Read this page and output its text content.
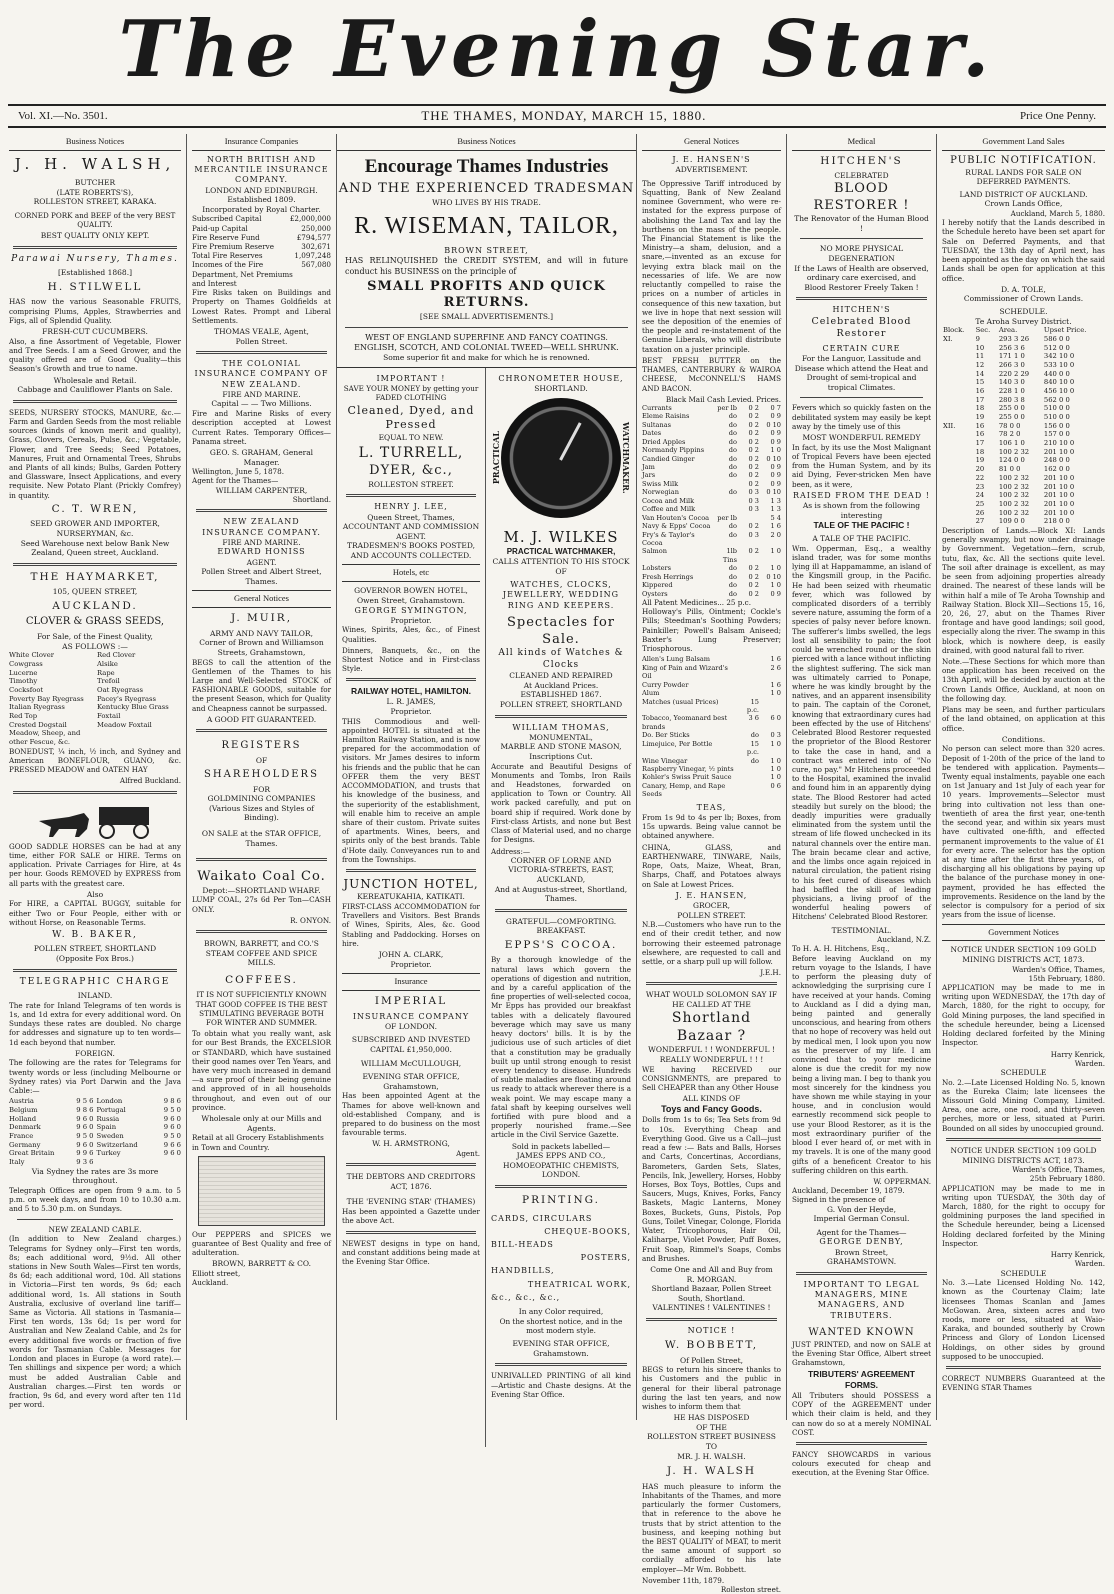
The Evening Star.
Vol. XI.—No. 3501.	THE THAMES, MONDAY, MARCH 15, 1880.	Price One Penny.
Business Notices
J. H. WALSH,
BUTCHER
(LATE ROBERTS'S),
ROLLESTON STREET, KARAKA.

CORNED PORK and BEEF of the very BEST QUALITY.

BEST QUALITY ONLY KEPT.
Parawai Nursery, Thames.
[Established 1868.]
H. STILWELL

HAS now the various Seasonable FRUITS, comprising Plums, Apples, Strawberries and Figs, all of Splendid Quality.

FRESH-CUT CUCUMBERS.

Also, a fine Assortment of Vegetable, Flower and Tree Seeds. I am a Seed Grower, and the quality offered are of Good Quality—this Season's Growth and true to name.

Wholesale and Retail.
Cabbage and Cauliflower Plants on Sale.

SEEDS, NURSERY STOCKS, MANURE, &c.—Farm and Garden Seeds from the most reliable sources (kinds of known merit and quality), Grass, Clovers, Cereals, Pulse, &c.; Vegetable, Flower, and Tree Seeds; Seed Potatoes, Manures, Fruit and Ornamental Trees, Shrubs and Plants of all kinds; Bulbs, Garden Pottery and Glassware, Insect Applications, and every requisite. New Potato Plant (Prickly Comfrey) in quantity.

C. T. WREN,
SEED GROWER AND IMPORTER, NURSERYMAN, &c.
Seed Warehouse next below Bank New Zealand, Queen street, Auckland.
THE HAYMARKET,
105, QUEEN STREET,
AUCKLAND.
CLOVER & GRASS SEEDS,
For Sale, of the Finest Quality,
AS FOLLOWS :—
White Clover	Red Clover
Cowgrass	Alsike
Lucerne	Rape
Timothy	Trefoil
Cocksfoot	Oat Ryegrass
Poverty Bay Ryegrass	Pacey's Ryegrass
Italian Ryegrass	Kentucky Blue Grass
Red Top	Foxtail
Crested Dogstail	Meadow Foxtail
Meadow, Sheep, and other Fescue, &c.

BONEDUST, ¼ inch, ½ inch, and Sydney and American BONEFLOUR, GUANO, &c. PRESSED MEADOW and OATEN HAY

Alfred Buckland.

GOOD SADDLE HORSES can be had at any time, either FOR SALE or HIRE. Terms on application. Private Carriages for Hire, at 4s per hour. Goods REMOVED by EXPRESS from all parts with the greatest care.

Also

For HIRE, a CAPITAL BUGGY, suitable for either Two or Four People, either with or without Horse, on Reasonable Terms.

W. B. BAKER,
POLLEN STREET, SHORTLAND
(Opposite Fox Bros.)
TELEGRAPHIC CHARGE
INLAND.

The rate for Inland Telegrams of ten words is 1s, and 1d extra for every additional word. On Sundays these rates are doubled. No charge for addresses and signature up to ten words—1d each beyond that number.

FOREIGN.

The following are the rates for Telegrams for twenty words or less (including Melbourne or Sydney rates) via Port Darwin and the Java Cable:—

Austria	9 5 6 London	9 8 6
Belgium	9 8 6 Portugal	9 5 0
Holland	9 6 0 Russia	9 6 0
Denmark	9 6 0 Spain	9 6 0
France	9 5 0 Sweden	9 5 0
Germany	9 6 0 Switzerland	9 6 6
Great Britain	9 9 6 Turkey	9 6 0
Italy	9 3 6
Via Sydney the rates are 3s more throughout.

Telegraph Offices are open from 9 a.m. to 5 p.m. on week days, and from 10 to 10.30 a.m. and 5 to 5.30 p.m. on Sundays.

NEW ZEALAND CABLE.

(In addition to New Zealand charges.) Telegrams for Sydney only—First ten words, 8s; each additional word, 9½d. All other stations in New South Wales—First ten words, 8s 6d; each additional word, 10d. All stations in Victoria—First ten words, 9s 6d; each additional word, 1s. All stations in South Australia, exclusive of overland line tariff—Same as Victoria. All stations in Tasmania—First ten words, 13s 6d; 1s per word for Australian and New Zealand Cable, and 2s for every additional five words or fraction of five words for Tasmanian Cable. Messages for London and places in Europe (a word rate).—Ten shillings and sixpence per word; a which must be added Australian Cable and Australian charges.—First ten words or fraction, 9s 6d, and every word after ten 11d per word.

Insurance Companies
NORTH BRITISH AND MERCANTILE INSURANCE COMPANY.
LONDON AND EDINBURGH.
Established 1809.
Incorporated by Royal Charter.
Subscribed Capital	£2,000,000
Paid-up Capital	250,000
Fire Reserve Fund	£794,577
Fire Premium Reserve	302,671
Total Fire Reserves	1,097,248
Incomes of the Fire Department, Net Premiums and Interest
567,080

Fire Risks taken on Buildings and Property on Thames Goldfields at Lowest Rates. Prompt and Liberal Settlements.

THOMAS VEALE, Agent,
Pollen Street.
THE COLONIAL INSURANCE COMPANY OF NEW ZEALAND.
FIRE AND MARINE.
Capital — — Two Millions.

Fire and Marine Risks of every description accepted at Lowest Current Rates. Temporary Offices—Panama street.

GEO. S. GRAHAM, General Manager.
Wellington, June 5, 1878.
Agent for the Thames—
WILLIAM CARPENTER,
Shortland.
NEW ZEALAND INSURANCE COMPANY.
FIRE AND MARINE.
EDWARD HONISS
AGENT.
Pollen Street and Albert Street, Thames.
General Notices
J. MUIR,
ARMY AND NAVY TAILOR,
Corner of Brown and Williamson Streets, Grahamstown,

BEGS to call the attention of the Gentlemen of the Thames to his Large and Well-Selected STOCK of FASHIONABLE GOODS, suitable for the present Season, which for Quality and Cheapness cannot be surpassed.

A GOOD FIT GUARANTEED.
REGISTERS
OF
SHAREHOLDERS
FOR
GOLDMINING COMPANIES
(Various Sizes and Styles of Binding).
ON SALE at the STAR OFFICE, Thames.
Waikato Coal Co.
Depot:—SHORTLAND WHARF.

LUMP COAL, 27s 6d Per Ton—CASH ONLY.

R. ONYON.
BROWN, BARRETT, and CO.'S
STEAM COFFEE AND SPICE MILLS.
COFFEES.

IT IS NOT SUFFICIENTLY KNOWN THAT GOOD COFFEE IS THE BEST STIMULATING BEVERAGE BOTH FOR WINTER AND SUMMER.

To obtain what you really want, ask for our Best Brands, the EXCELSIOR or STANDARD, which have sustained their good names over Ten Years, and have very much increased in demand—a sure proof of their being genuine and approved of in all households throughout, and even out of our province.

Wholesale only at our Mills and Agents.
Retail at all Grocery Establishments in Town and Country.

Our PEPPERS and SPICES we guarantee of Best Quality and free of adulteration.

BROWN, BARRETT & CO.
Elliott street,
Auckland.
Business Notices
Encourage Thames Industries
AND THE EXPERIENCED TRADESMAN
WHO LIVES BY HIS TRADE.
R. WISEMAN, TAILOR,
BROWN STREET,

HAS RELINQUISHED the CREDIT SYSTEM, and will in future conduct his BUSINESS on the principle of

SMALL PROFITS AND QUICK RETURNS.
[SEE SMALL ADVERTISEMENTS.]
WEST OF ENGLAND SUPERFINE AND FANCY COATINGS. ENGLISH, SCOTCH, AND COLONIAL TWEED—WELL SHRUNK.
Some superior fit and make for which he is renowned.
IMPORTANT !

SAVE YOUR MONEY by getting your FADED CLOTHING

Cleaned, Dyed, and Pressed
EQUAL TO NEW.
L. TURRELL,
DYER, &c.,
ROLLESTON STREET.
HENRY J. LEE,
Queen Street, Thames,
ACCOUNTANT AND COMMISSION AGENT.
TRADESMEN'S BOOKS POSTED, AND ACCOUNTS COLLECTED.
Hotels, etc
GOVERNOR BOWEN HOTEL,
Owen Street, Grahamstown.
GEORGE SYMINGTON,
Proprietor.

Wines, Spirits, Ales, &c., of Finest Qualities.

Dinners, Banquets, &c., on the Shortest Notice and in First-class Style.

RAILWAY HOTEL, HAMILTON.
L. R. JAMES,
Proprietor.

THIS Commodious and well-appointed HOTEL is situated at the Hamilton Railway Station, and is now prepared for the accommodation of visitors. Mr James desires to inform his friends and the public that he can OFFER them the very BEST ACCOMMODATION, and trusts that his knowledge of the business, and the superiority of the establishment, will enable him to receive an ample share of their custom. Private suites of apartments. Wines, beers, and spirits only of the best brands. Table d'Hote daily. Conveyances run to and from the Townships.

JUNCTION HOTEL,
KEREATUKAHIA, KATIKATI.

FIRST-CLASS ACCOMMODATION for Travellers and Visitors. Best Brands of Wines, Spirits, Ales, &c. Good Stabling and Paddocking. Horses on hire.

JOHN A. CLARK,
Proprietor.
Insurance
IMPERIAL
INSURANCE COMPANY
OF LONDON.
SUBSCRIBED AND INVESTED
CAPITAL £1,950,000.
WILLIAM McCULLOUGH,
EVENING STAR OFFICE,
Grahamstown,

Has been appointed Agent at the Thames for above well-known and old-established Company, and is prepared to do business on the most favourable terms.

W. H. ARMSTRONG,
Agent.
THE DEBTORS AND CREDITORS
ACT, 1876.
THE 'EVENING STAR' (THAMES)

Has been appointed a Gazette under the above Act.

NEWEST designs in type on hand, and constant additions being made at the Evening Star Office.

CHRONOMETER HOUSE,
SHORTLAND.
PRACTICAL	WATCHMAKER.
M. J. WILKES
PRACTICAL WATCHMAKER,
CALLS ATTENTION TO HIS STOCK OF
WATCHES, CLOCKS, JEWELLERY, WEDDING RING AND KEEPERS.
Spectacles for Sale.
All kinds of Watches & Clocks
CLEANED AND REPAIRED
At Auckland Prices.
ESTABLISHED 1867.
POLLEN STREET, SHORTLAND
WILLIAM THOMAS,
MONUMENTAL,
MARBLE AND STONE MASON,
Inscriptions Cut.

Accurate and Beautiful Designs of Monuments and Tombs, Iron Rails and Headstones, forwarded on application to Town or Country. All work packed carefully, and put on board ship if required. Work done by First-class Artists, and none but Best Class of Material used, and no charge for Designs.

Address:—
CORNER OF LORNE AND VICTORIA-STREETS, EAST, AUCKLAND,
And at Augustus-street, Shortland, Thames.
GRATEFUL—COMFORTING.
BREAKFAST.
EPPS'S COCOA.

By a thorough knowledge of the natural laws which govern the operations of digestion and nutrition, and by a careful application of the fine properties of well-selected cocoa, Mr Epps has provided our breakfast tables with a delicately flavoured beverage which may save us many heavy doctors' bills. It is by the judicious use of such articles of diet that a constitution may be gradually built up until strong enough to resist every tendency to disease. Hundreds of subtle maladies are floating around us ready to attack wherever there is a weak point. We may escape many a fatal shaft by keeping ourselves well fortified with pure blood and a properly nourished frame.—See article in the Civil Service Gazette.

Sold in packets labelled—
JAMES EPPS AND CO.,
HOMOEOPATHIC CHEMISTS,
LONDON.
PRINTING.
CARDS, CIRCULARS
CHEQUE-BOOKS,
BILL-HEADS
POSTERS,
HANDBILLS,
THEATRICAL WORK,
&c., &c., &c.,
In any Color required,

On the shortest notice, and in the most modern style.

EVENING STAR OFFICE,
Grahamstown.

UNRIVALLED PRINTING of all kind —Artistic and Chaste designs. At the Evening Star Office.

General Notices
J. E. HANSEN'S
ADVERTISEMENT.

The Oppressive Tariff introduced by Squatting, Bank of New Zealand nominee Government, who were re-instated for the express purpose of abolishing the Land Tax and lay the burthens on the mass of the people. The Financial Statement is like the Ministry—a sham, delusion, and a snare,—invented as an excuse for levying extra black mail on the necessaries of life. We are now reluctantly compelled to raise the prices on a number of articles in consequence of this new taxation, but we live in hope that next session will see the deposition of the enemies of the people and re-instatement of the Genuine Liberals, who will distribute taxation on a juster principle.

BEST FRESH BUTTER on the THAMES, CANTERBURY & WAIROA CHEESE, McCONNELL'S HAMS AND BACON.

Black Mail Cash Levied. Prices.
Currants	per lb	0 2	0 7
Eleme Raisins	do	0 2	0 9
Sultanas	do	0 2	0 10
Dates	do	0 2	0 9
Dried Apples	do	0 2	0 9
Normandy Pippins	do	0 2	1 0
Candied Ginger	do	0 2	0 10
Jam	do	0 2	0 9
Jars	do	0 2	0 9
Swiss Milk	0 2	0 9
Norwegian	do	0 3	0 10
Cocoa and Milk	0 3	1 3
Coffee and Milk	0 3	1 3
Van Houten's Cocoa	per lb	5 4
Navy & Epps' Cocoa	do	0 2	1 6
Fry's & Taylor's Cocoa
do	0 3	2 0
Salmon	1lb Tins
0 2	1 0
Lobsters	do	0 2	1 0
Fresh Herrings	do	0 2	0 10
Kippered	do	0 2	1 0
Oysters	do	0 2	0 9
All Patent Medicines... 25 p.c.

Holloway's Pills, Ointment; Cockle's Pills; Steedman's Soothing Powders; Painkiller; Powell's Balsam Aniseed; Baxter's Lung Preserver; Triosphorous.

Allen's Lung Balsam	1 6
King of Pain and Wizard's Oil
2 6
Curry Powder	1 6
Alum	1 0
Matches (usual Prices)	15 p.c.
Tobacco, Yeomanard best brands
3 6	6 0
Do. Ber Sticks	do	0 3
Limejuice, Per Bottle	15 p.c.
1 0
Wine Vinegar	do	1 0
Raspberry Vinegar, ½ pints	1 0
Kohler's Swiss Pruit Sauce	1 0
Canary, Hemp, and Rape Seeds
0 6
TEAS,

From 1s 9d to 4s per lb; Boxes, from 15s upwards. Being value cannot be obtained anywhere.

CHINA, GLASS, and EARTHENWARE, TINWARE, Nails, Rope, Oats, Maize, Wheat, Bran, Sharps, Chaff, and Potatoes always on Sale at Lowest Prices.

J. E. HANSEN,
GROCER,
POLLEN STREET.

N.B.—Customers who have run to the end of their credit tether, and now borrowing their esteemed patronage elsewhere, are requested to call and settle, or a sharp pull up will follow.

J.E.H.
WHAT WOULD SOLOMON SAY IF HE CALLED AT THE
Shortland Bazaar ?
WONDERFUL ! ! WONDERFUL !
REALLY WONDERFUL ! ! !

WE having RECEIVED our CONSIGNMENTS, are prepared to Sell CHEAPER than any Other House

ALL KINDS OF
Toys and Fancy Goods.

Dolls from 1s to 6s; Tea Sets from 9d to 10s. Everything Cheap and Everything Good. Give us a Call—just read a few :— Bats and Balls, Horses and Carts, Concertinas, Accordians, Barometers, Garden Sets, Slates, Pencils, Ink, Jewellery, Horses, Hobby Horses, Box Toys, Bottles, Cups and Saucers, Mugs, Knives, Forks, Fancy Baskets, Magic Lanterns, Money Boxes, Buckets, Guns, Pistols, Pop Guns, Toilet Vinegar, Colonge, Florida Water, Tricophorous, Hair Oil, Kaliharpe, Violet Powder, Puff Boxes, Fruit Soap, Rimmel's Soaps, Combs and Brushes.

Come One and All and Buy from
R. MORGAN.
Shortland Bazaar, Pollen Street South, Shortland.
VALENTINES ! VALENTINES !
NOTICE !
W. BOBBETT,
Of Pollen Street,

BEGS to return his sincere thanks to his Customers and the public in general for their liberal patronage during the last ten years, and now wishes to inform them that

HE HAS DISPOSED
OF THE
ROLLESTON STREET BUSINESS
TO
MR. J. H. WALSH.
J. H. WALSH

HAS much pleasure to inform the Inhabitants of the Thames, and more particularly the former Customers, that in reference to the above he trusts that by strict attention to the business, and keeping nothing but the BEST QUALITY of MEAT, to merit the same amount of support so cordially afforded to his late employer—Mr Wm. Bobbett.

November 11th, 1879.
Rolleston street.
Medical
HITCHEN'S
CELEBRATED
BLOOD RESTORER !
The Renovator of the Human Blood !
NO MORE PHYSICAL DEGENERATION
If the Laws of Health are observed, ordinary care exercised, and
Blood Restorer Freely Taken !
HITCHEN'S
Celebrated Blood Restorer
CERTAIN CURE
For the Languor, Lassitude and Disease which attend the Heat and Drought of semi-tropical and tropical Climates.

Fevers which so quickly fasten on the debilitated system may easily be kept away by the timely use of this

MOST WONDERFUL REMEDY

In fact, by its use the Most Malignant of Tropical Fevers have been ejected from the Human System, and by its aid Dying, Fever-stricken Men have been, as it were,

RAISED FROM THE DEAD !
As is shown from the following interesting
TALE OF THE PACIFIC !
A TALE OF THE PACIFIC.

Wm. Opperman, Esq., a wealthy island trader, was for some months lying ill at Happamamme, an island of the Kingsmill group, in the Pacific. He had been seized with rheumatic fever, which was followed by complicated disorders of a terribly severe nature, assuming the form of a species of palsy never before known. The sufferer's limbs swelled, the legs lost all sensibility to pain; the foot could be wrenched round or the skin pierced with a lance without inflicting the slightest suffering. The sick man was ultimately carried to Ponape, where he was kindly brought by the natives, and an apparent insensibility to pain. The captain of the Coronet, knowing that extraordinary cures had been effected by the use of Hitchens' Celebrated Blood Restorer requested the proprietor of the Blood Restorer to take the case in hand, and a contract was entered into of "No cure, no pay." Mr Hitchens proceeded to the Hospital, examined the invalid and found him in an apparently dying state. The Blood Restorer had acted steadily but surely on the blood; the deadly impurities were gradually eliminated from the system until the stream of life flowed unchecked in its natural channels over the entire man. The brain became clear and active, and the limbs once again rejoiced in natural circulation, the patient rising to his feet cured of diseases which had baffled the skill of leading physicians, a living proof of the wonderful healing powers of Hitchens' Celebrated Blood Restorer.

TESTIMONIAL.
Auckland, N.Z.
To H. A. H. Hitchens, Esq.,

Before leaving Auckland on my return voyage to the Islands, I have to perform the pleasing duty of acknowledging the surprising cure I have received at your hands. Coming to Auckland as I did a dying man, being painted and generally unconscious, and hearing from others that no hope of recovery was held out by medical men, I look upon you now as the preserver of my life. I am convinced that to your medicine alone is due the credit for my now being a living man. I beg to thank you most sincerely for the kindness you have shown me while staying in your house, and in conclusion would earnestly recommend sick people to use your Blood Restorer, as it is the most extraordinary purifier of the blood I ever heard of, or met with in my travels. It is one of the many good gifts of a beneficent Creator to his suffering children on this earth.

W. OPPERMAN.
Auckland, December 19, 1879.
Signed in the presence of
G. Von der Heyde,
Imperial German Consul.
Agent for the Thames—
GEORGE DENBY,
Brown Street,
GRAHAMSTOWN.
IMPORTANT TO LEGAL MANAGERS, MINE MANAGERS, AND TRIBUTERS.
WANTED KNOWN

JUST PRINTED, and now on SALE at the Evening Star Office, Albert street Grahamstown,

TRIBUTERS' AGREEMENT FORMS.

All Tributers should POSSESS a COPY of the AGREEMENT under which their claim is held, and they can now do so at a merely NOMINAL COST.

FANCY SHOWCARDS in various colours executed for cheap and execution, at the Evening Star Office.

Government Land Sales
PUBLIC NOTIFICATION.
RURAL LANDS FOR SALE ON DEFERRED PAYMENTS.
LAND DISTRICT OF AUCKLAND.
Crown Lands Office,
Auckland, March 5, 1880.

I hereby notify that the Lands described in the Schedule hereto have been set apart for Sale on Deferred Payments, and that TUESDAY, the 13th day of April next, has been appointed as the day on which the said Lands shall be open for application at this office.

D. A. TOLE,
Commissioner of Crown Lands.
SCHEDULE.
Te Aroha Survey District.
Block.	Sec.	Area.	Upset Price.
XI.	9	293 3 26	586 0 0
	10	256 3 6	512 0 0
	11	171 1 0	342 10 0
	12	266 3 0	533 10 0
	14	220 2 29	440 0 0
	15	140 3 0	840 10 0
	16	228 1 0	456 10 0
	17	280 3 8	562 0 0
	18	255 0 0	510 0 0
	19	255 0 0	510 0 0
XII.	16	78 0 0	156 0 0
	16	78 2 0	157 0 0
	17	106 1 0	210 10 0
	18	100 2 32	201 10 0
	19	124 0 0	248 0 0
	20	81 0 0	162 0 0
	22	100 2 32	201 10 0
	23	100 2 32	201 10 0
	24	100 2 32	201 10 0
	25	100 2 32	201 10 0
	26	100 2 32	201 10 0
	27	109 0 0	218 0 0

Description of Lands.—Block XI: Lands generally swampy, but now under drainage by Government. Vegetation—fern, scrub, tutu, flax, &c. All the sections quite level. The soil after drainage is excellent, as may be seen from adjoining properties already drained. The nearest of these lands will be within half a mile of Te Aroha Township and Railway Station. Block XII—Sections 15, 16, 20, 26, 27, abut on the Thames River frontage and have good landings; soil good, especially along the river. The swamp in this block, which is nowhere deep, is easily drained, with good natural fall to river.

Note.—These Sections for which more than one application has been received on the 13th April, will be decided by auction at the Crown Lands Office, Auckland, at noon on the following day.

Plans may be seen, and further particulars of the land obtained, on application at this office.

Conditions.

No person can select more than 320 acres. Deposit of 1-20th of the price of the land to be tendered with application. Payments—Twenty equal instalments, payable one each on 1st January and 1st July of each year for 10 years. Improvements—Selector must bring into cultivation not less than one-twentieth of area the first year, one-tenth the second year, and within six years must have cultivated one-fifth, and effected permanent improvements to the value of £1 for every acre. The selector has the option at any time after the first three years, of discharging all his obligations by paying up the balance of the purchase money in one-payment, provided he has effected the improvements. Residence on the land by the selector is compulsory for a period of six years from the issue of license.

Government Notices
NOTICE UNDER SECTION 109 GOLD MINING DISTRICTS ACT, 1873.
Warden's Office, Thames,
15th February, 1880.

APPLICATION may be made to me in writing upon WEDNESDAY, the 17th day of March, 1880, for the right to occupy, for Gold Mining purposes, the land specified in the schedule hereunder, being a Licensed Holding declared forfeited by the Mining Inspector.

Harry Kenrick,
Warden.
SCHEDULE

No. 2.—Late Licensed Holding No. 5, known as the Eureka Claim; late licensees the Missouri Gold Mining Company, Limited. Area, one acre, one rood, and thirty-seven perches, more or less, situated at Puriri. Bounded on all sides by unoccupied ground.

NOTICE UNDER SECTION 109 GOLD MINING DISTRICTS ACT, 1873.
Warden's Office, Thames,
25th February 1880.

APPLICATION may be made to me in writing upon TUESDAY, the 30th day of March, 1880, for the right to occupy for goldmining purposes the land specified in the Schedule hereunder, being a Licensed Holding declared forfeited by the Mining Inspector.

Harry Kenrick,
Warden.
SCHEDULE

No. 3.—Late Licensed Holding No. 142, known as the Courtenay Claim; late licensees Thomas Scanlan and James McGowan. Area, sixteen acres and two roods, more or less, situated at Waio-Karaka, and bounded southerly by Crown Princess and Glory of London Licensed Holdings, on other sides by ground supposed to be unoccupied.

CORRECT NUMBERS Guaranteed at the EVENING STAR Thames
